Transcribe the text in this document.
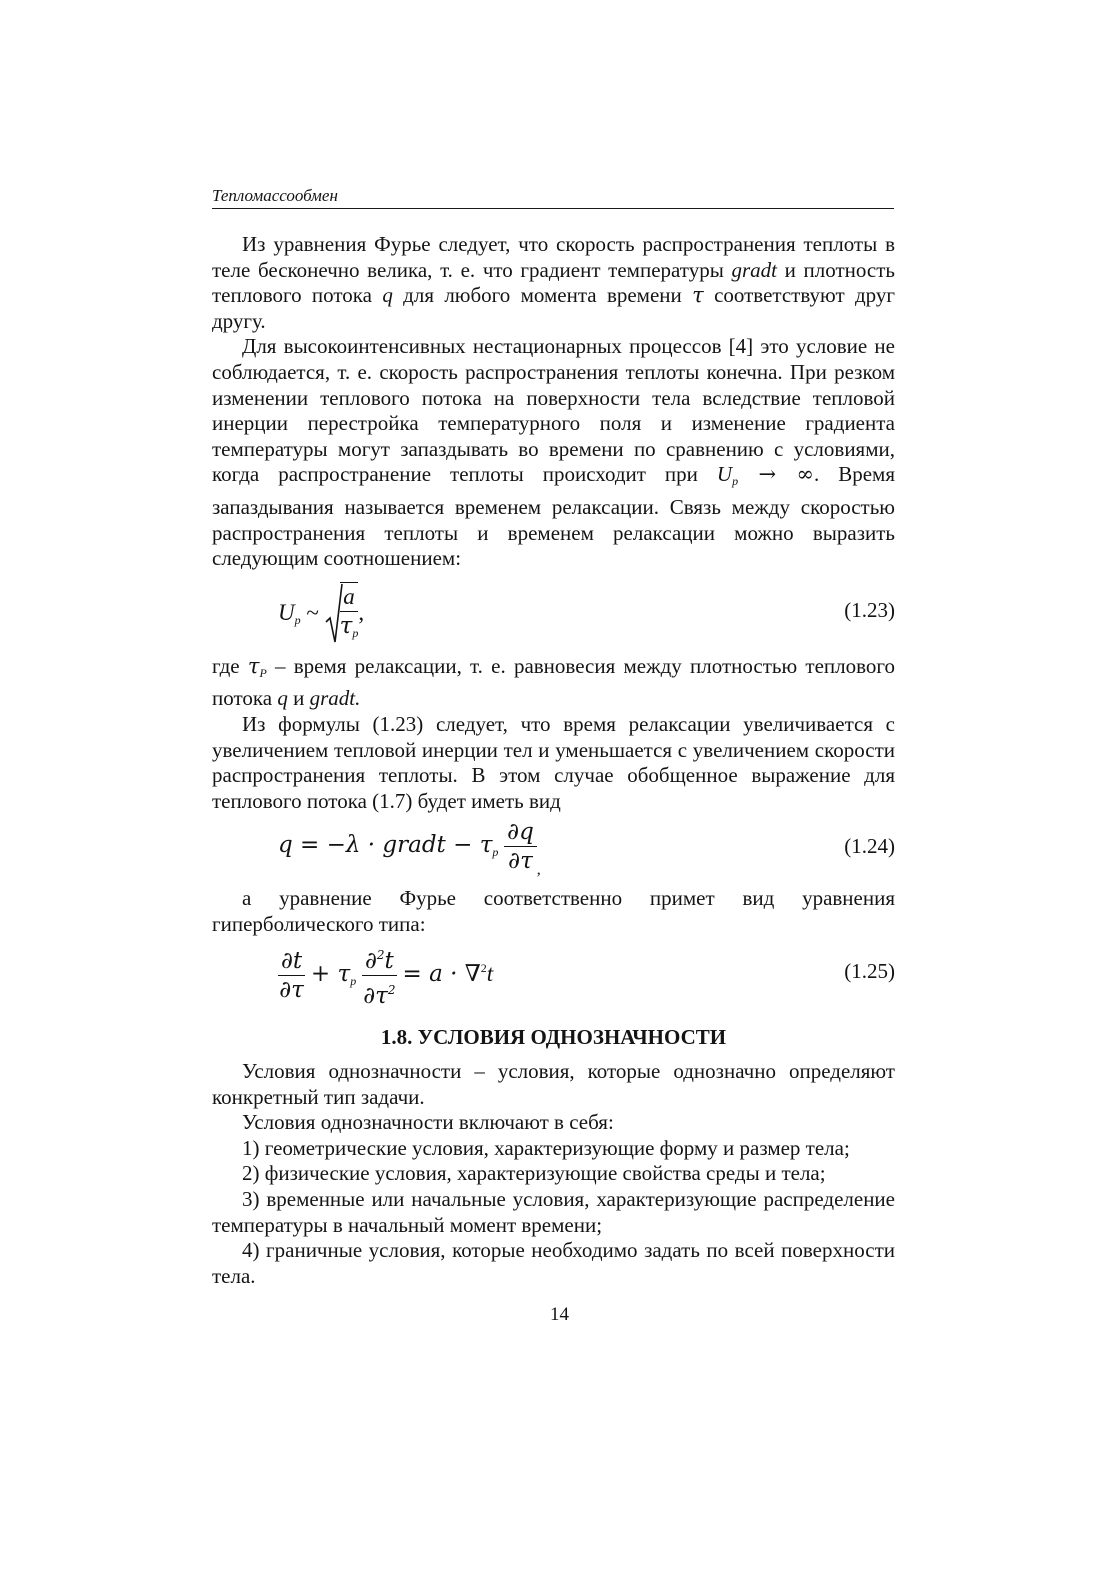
Тепломассообмен

Из уравнения Фурье следует, что скорость распространения теплоты в теле бесконечно велика, т. е. что градиент температуры gradt и плотность теплового потока q для любого момента времени τ соответствуют друг другу.

Для высокоинтенсивных нестационарных процессов [4] это условие не соблюдается, т. е. скорость распространения теплоты конечна. При резком изменении теплового потока на поверхности тела вследствие тепловой инерции перестройка температурного поля и изменение градиента температуры могут запаздывать во времени по сравнению с условиями, когда распространение теплоты происходит при $U_p$ → ∞. Время запаздывания называется временем релаксации. Связь между скоростью распространения теплоты и временем релаксации можно выразить следующим соотношением:

$U_p$ ~ $\frac{a}{\tau_p}$ ,	(1.23)

где $\tau_P$ – время релаксации, т. е. равновесия между плотностью теплового потока q и gradt.

Из формулы (1.23) следует, что время релаксации увеличивается с увеличением тепловой инерции тел и уменьшается с увеличением скорости распространения теплоты. В этом случае обобщенное выражение для теплового потока (1.7) будет иметь вид

q = −λ · gradt − $\tau_p \frac{\partial q}{\partial\tau} _,$
(1.24)

а уравнение Фурье соответственно примет вид уравнения гиперболического типа:

$\frac{\partial t}{\partial\tau} + \tau_p \frac{\partial^2t}{\partial\tau^2} = a \cdot \nabla^2t$	(1.25)

1.8. УСЛОВИЯ ОДНОЗНАЧНОСТИ

Условия однозначности – условия, которые однозначно определяют конкретный тип задачи.

Условия однозначности включают в себя:

1) геометрические условия, характеризующие форму и размер тела;

2) физические условия, характеризующие свойства среды и тела;

3) временные или начальные условия, характеризующие распределение температуры в начальный момент времени;

4) граничные условия, которые необходимо задать по всей поверхности тела.

14
